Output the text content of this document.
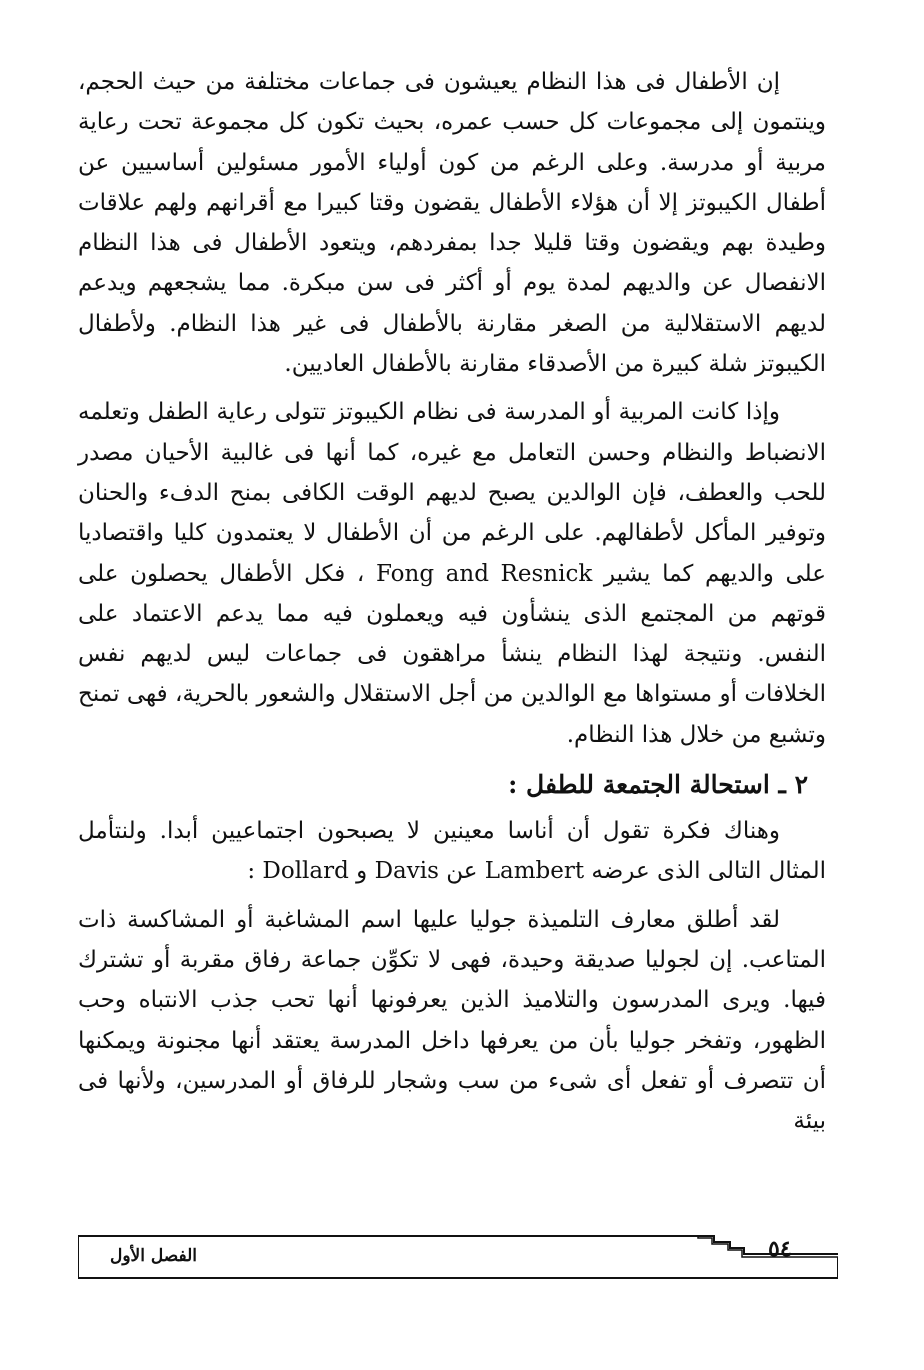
إن الأطفال فى هذا النظام يعيشون فى جماعات مختلفة من حيث الحجم، وينتمون إلى مجموعات كل حسب عمره، بحيث تكون كل مجموعة تحت رعاية مربية أو مدرسة. وعلى الرغم من كون أولياء الأمور مسئولين أساسيين عن أطفال الكيبوتز إلا أن هؤلاء الأطفال يقضون وقتا كبيرا مع أقرانهم ولهم علاقات وطيدة بهم ويقضون وقتا قليلا جدا بمفردهم، ويتعود الأطفال فى هذا النظام الانفصال عن والديهم لمدة يوم أو أكثر فى سن مبكرة. مما يشجعهم ويدعم لديهم الاستقلالية من الصغر مقارنة بالأطفال فى غير هذا النظام. ولأطفال الكيبوتز شلة كبيرة من الأصدقاء مقارنة بالأطفال العاديين.

وإذا كانت المربية أو المدرسة فى نظام الكيبوتز تتولى رعاية الطفل وتعلمه الانضباط والنظام وحسن التعامل مع غيره، كما أنها فى غالبية الأحيان مصدر للحب والعطف، فإن الوالدين يصبح لديهم الوقت الكافى بمنح الدفء والحنان وتوفير المأكل لأطفالهم. على الرغم من أن الأطفال لا يعتمدون كليا واقتصاديا على والديهم كما يشير Fong and Resnick ، فكل الأطفال يحصلون على قوتهم من المجتمع الذى ينشأون فيه ويعملون فيه مما يدعم الاعتماد على النفس. ونتيجة لهذا النظام ينشأ مراهقون فى جماعات ليس لديهم نفس الخلافات أو مستواها مع الوالدين من أجل الاستقلال والشعور بالحرية، فهى تمنح وتشبع من خلال هذا النظام.

٢ ـ استحالة الجتمعة للطفل :

وهناك فكرة تقول أن أناسا معينين لا يصبحون اجتماعيين أبدا. ولنتأمل المثال التالى الذى عرضه Lambert عن Davis و Dollard :

لقد أطلق معارف التلميذة جوليا عليها اسم المشاغبة أو المشاكسة ذات المتاعب. إن لجوليا صديقة وحيدة، فهى لا تكوِّن جماعة رفاق مقربة أو تشترك فيها. ويرى المدرسون والتلاميذ الذين يعرفونها أنها تحب جذب الانتباه وحب الظهور، وتفخر جوليا بأن من يعرفها داخل المدرسة يعتقد أنها مجنونة ويمكنها أن تتصرف أو تفعل أى شىء من سب وشجار للرفاق أو المدرسين، ولأنها فى بيئة

الفصل الأول	٥٤
